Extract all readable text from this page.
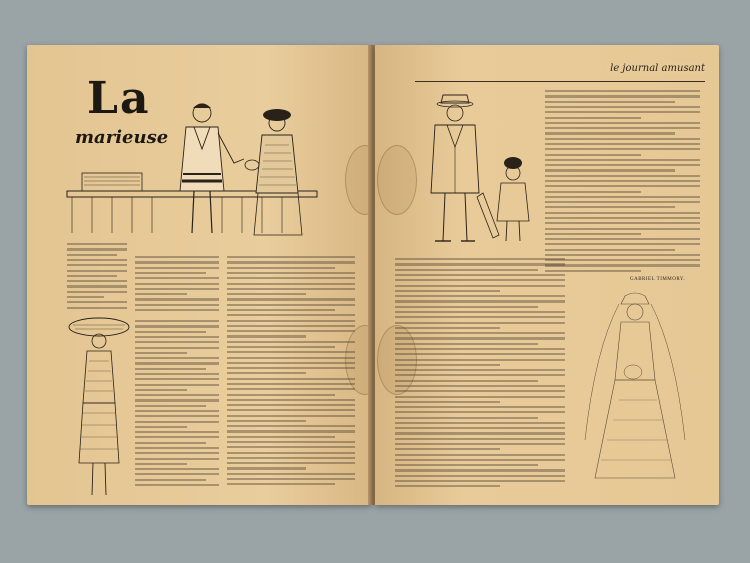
La
marieuse
le journal amusant
GABRIEL TIMMORY.
